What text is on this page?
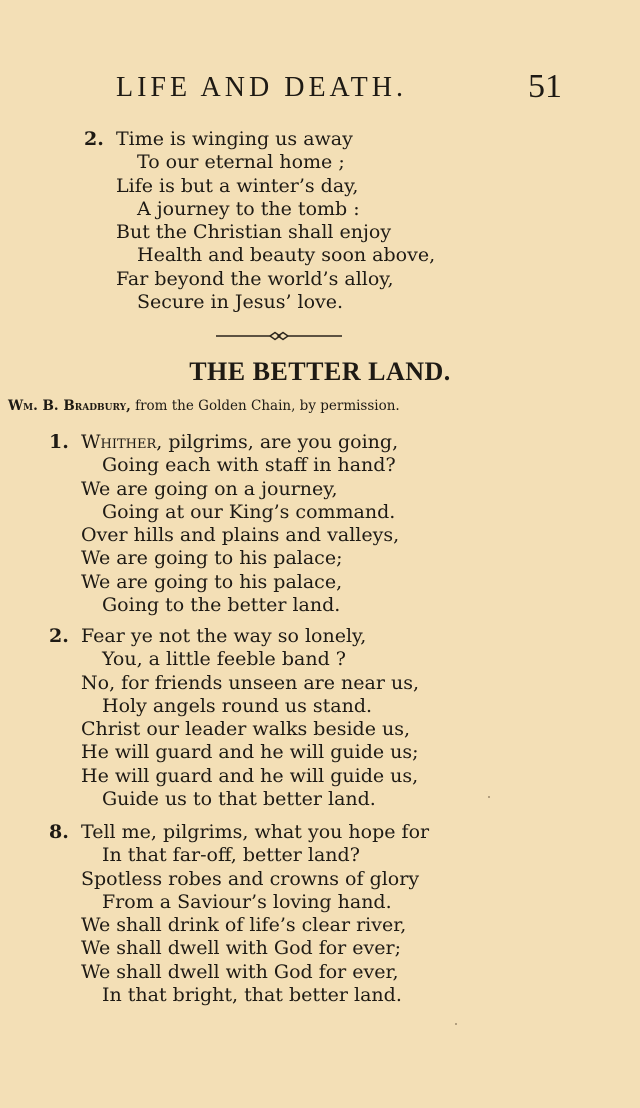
LIFE AND DEATH.	51
2. Time is winging us away
To our eternal home ;
Life is but a winter’s day,
A journey to the tomb :
But the Christian shall enjoy
Health and beauty soon above,
Far beyond the world’s alloy,
Secure in Jesus’ love.
THE BETTER LAND.
Wm. B. Bradbury, from the Golden Chain, by permission.
1. Whither, pilgrims, are you going,
Going each with staff in hand?
We are going on a journey,
Going at our King’s command.
Over hills and plains and valleys,
We are going to his palace;
We are going to his palace,
Going to the better land.
2. Fear ye not the way so lonely,
You, a little feeble band ?
No, for friends unseen are near us,
Holy angels round us stand.
Christ our leader walks beside us,
He will guard and he will guide us;
He will guard and he will guide us,
Guide us to that better land.
8. Tell me, pilgrims, what you hope for
In that far-off, better land?
Spotless robes and crowns of glory
From a Saviour’s loving hand.
We shall drink of life’s clear river,
We shall dwell with God for ever;
We shall dwell with God for ever,
In that bright, that better land.
